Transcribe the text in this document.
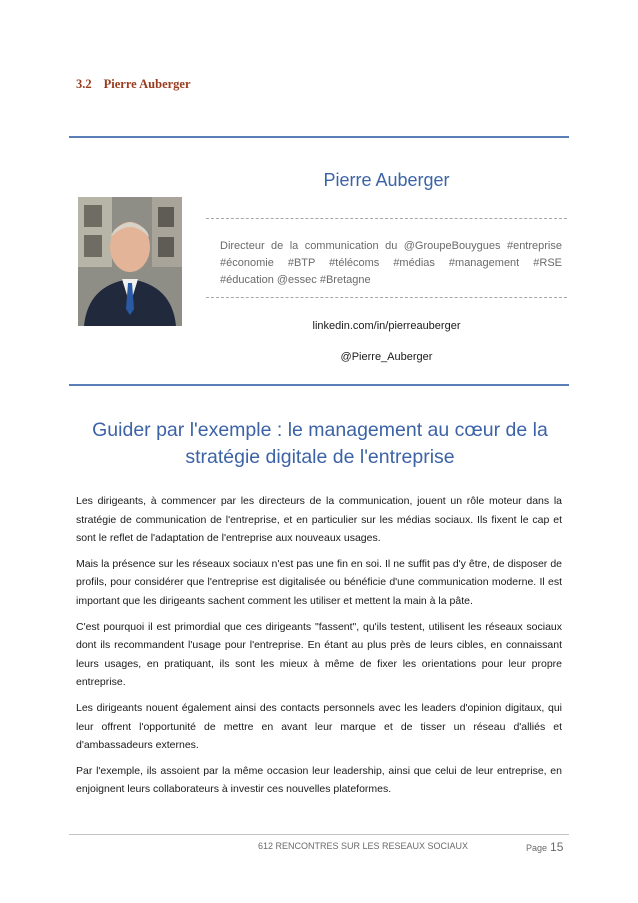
3.2 Pierre Auberger
Pierre Auberger
Directeur de la communication du @GroupeBouygues #entreprise #économie #BTP #télécoms #médias #management #RSE #éducation @essec #Bretagne
linkedin.com/in/pierreauberger
@Pierre_Auberger
Guider par l'exemple : le management au cœur de la stratégie digitale de l'entreprise

Les dirigeants, à commencer par les directeurs de la communication, jouent un rôle moteur dans la stratégie de communication de l'entreprise, et en particulier sur les médias sociaux. Ils fixent le cap et sont le reflet de l'adaptation de l'entreprise aux nouveaux usages.

Mais la présence sur les réseaux sociaux n'est pas une fin en soi. Il ne suffit pas d'y être, de disposer de profils, pour considérer que l'entreprise est digitalisée ou bénéficie d'une communication moderne. Il est important que les dirigeants sachent comment les utiliser et mettent la main à la pâte.

C'est pourquoi il est primordial que ces dirigeants "fassent", qu'ils testent, utilisent les réseaux sociaux dont ils recommandent l'usage pour l'entreprise. En étant au plus près de leurs cibles, en connaissant leurs usages, en pratiquant, ils sont les mieux à même de fixer les orientations pour leur propre entreprise.

Les dirigeants nouent également ainsi des contacts personnels avec les leaders d'opinion digitaux, qui leur offrent l'opportunité de mettre en avant leur marque et de tisser un réseau d'alliés et d'ambassadeurs externes.

Par l'exemple, ils assoient par la même occasion leur leadership, ainsi que celui de leur entreprise, en enjoignent leurs collaborateurs à investir ces nouvelles plateformes.

612 RENCONTRES SUR LES RESEAUX SOCIAUX	Page 15
